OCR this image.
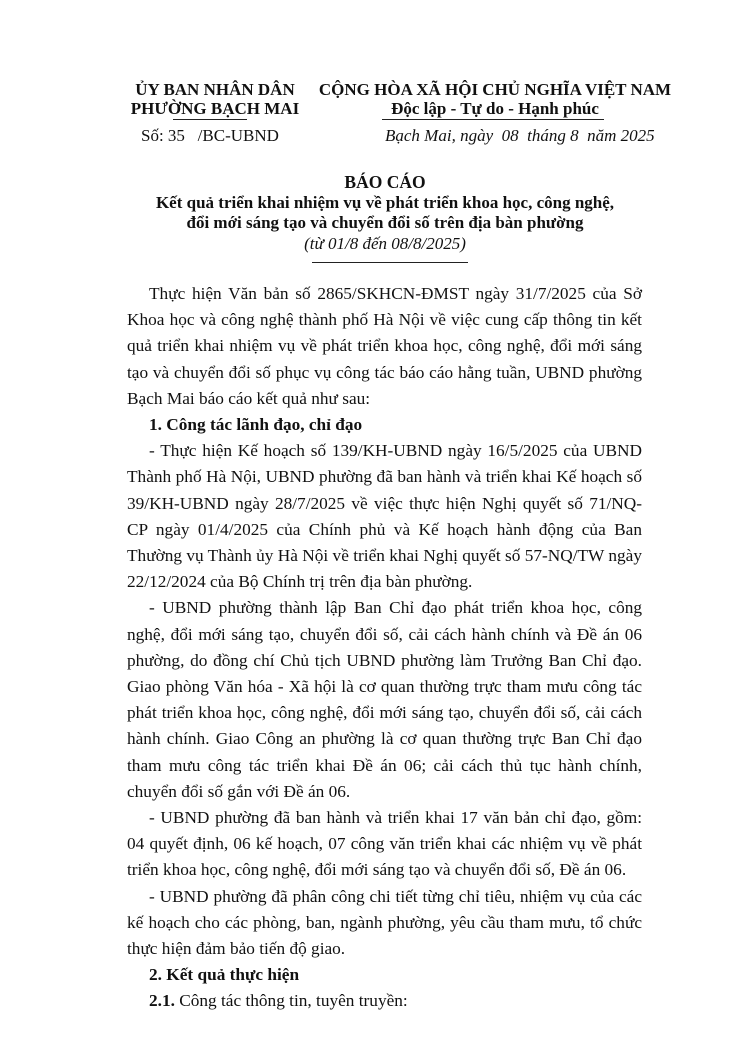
ỦY BAN NHÂN DÂN
PHƯỜNG BẠCH MAI
CỘNG HÒA XÃ HỘI CHỦ NGHĨA VIỆT NAM
Độc lập - Tự do - Hạnh phúc
Số: 35   /BC-UBND	Bạch Mai, ngày  08  tháng 8  năm 2025
BÁO CÁO
Kết quả triển khai nhiệm vụ về phát triển khoa học, công nghệ,
đổi mới sáng tạo và chuyển đổi số trên địa bàn phường
(từ 01/8 đến 08/8/2025)

Thực hiện Văn bản số 2865/SKHCN-ĐMST ngày 31/7/2025 của Sở Khoa học và công nghệ thành phố Hà Nội về việc cung cấp thông tin kết quả triển khai nhiệm vụ về phát triển khoa học, công nghệ, đổi mới sáng tạo và chuyển đổi số phục vụ công tác báo cáo hằng tuần, UBND phường Bạch Mai báo cáo kết quả như sau:

1. Công tác lãnh đạo, chỉ đạo

- Thực hiện Kế hoạch số 139/KH-UBND ngày 16/5/2025 của UBND Thành phố Hà Nội, UBND phường đã ban hành và triển khai Kế hoạch số 39/KH-UBND ngày 28/7/2025 về việc thực hiện Nghị quyết số 71/NQ-CP ngày 01/4/2025 của Chính phủ và Kế hoạch hành động của Ban Thường vụ Thành ủy Hà Nội về triển khai Nghị quyết số 57-NQ/TW ngày 22/12/2024 của Bộ Chính trị trên địa bàn phường.

- UBND phường thành lập Ban Chỉ đạo phát triển khoa học, công nghệ, đổi mới sáng tạo, chuyển đổi số, cải cách hành chính và Đề án 06 phường, do đồng chí Chủ tịch UBND phường làm Trưởng Ban Chỉ đạo. Giao phòng Văn hóa - Xã hội là cơ quan thường trực tham mưu công tác phát triển khoa học, công nghệ, đổi mới sáng tạo, chuyển đổi số, cải cách hành chính. Giao Công an phường là cơ quan thường trực Ban Chỉ đạo tham mưu công tác triển khai Đề án 06; cải cách thủ tục hành chính, chuyển đổi số gắn với Đề án 06.

- UBND phường đã ban hành và triển khai 17 văn bản chỉ đạo, gồm: 04 quyết định, 06 kế hoạch, 07 công văn triển khai các nhiệm vụ về phát triển khoa học, công nghệ, đổi mới sáng tạo và chuyển đổi số, Đề án 06.

- UBND phường đã phân công chi tiết từng chỉ tiêu, nhiệm vụ của các kế hoạch cho các phòng, ban, ngành phường, yêu cầu tham mưu, tổ chức thực hiện đảm bảo tiến độ giao.

2. Kết quả thực hiện

2.1. Công tác thông tin, tuyên truyền:
